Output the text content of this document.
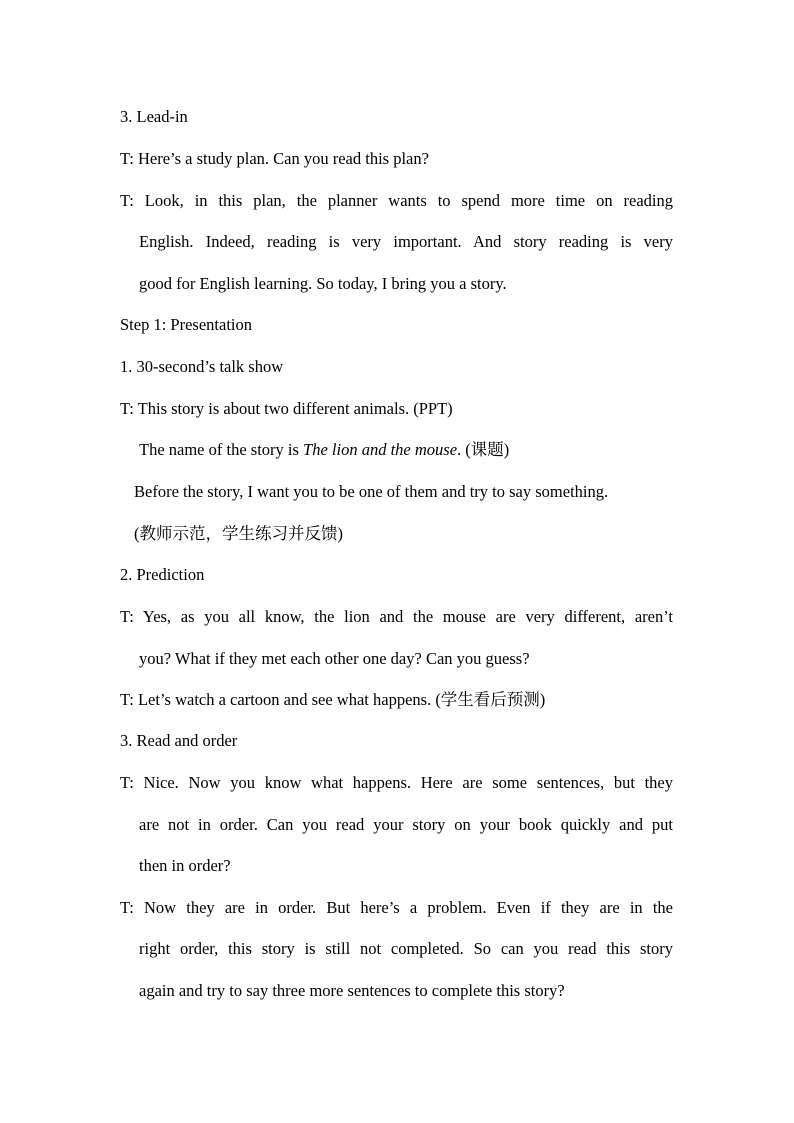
3. Lead-in
T: Here’s a study plan. Can you read this plan?
T: Look, in this plan, the planner wants to spend more time on reading
English. Indeed, reading is very important. And story reading is very
good for English learning. So today, I bring you a story.
Step 1: Presentation
1. 30-second’s talk show
T: This story is about two different animals. (PPT)
The name of the story is The lion and the mouse. (课题)
Before the story, I want you to be one of them and try to say something.
(教师示范，学生练习并反馈)
2. Prediction
T: Yes, as you all know, the lion and the mouse are very different, aren’t
you? What if they met each other one day? Can you guess?
T: Let’s watch a cartoon and see what happens. (学生看后预测)
3. Read and order
T: Nice. Now you know what happens. Here are some sentences, but they
are not in order. Can you read your story on your book quickly and put
then in order?
T: Now they are in order. But here’s a problem. Even if they are in the
right order, this story is still not completed. So can you read this story
again and try to say three more sentences to complete this story?
